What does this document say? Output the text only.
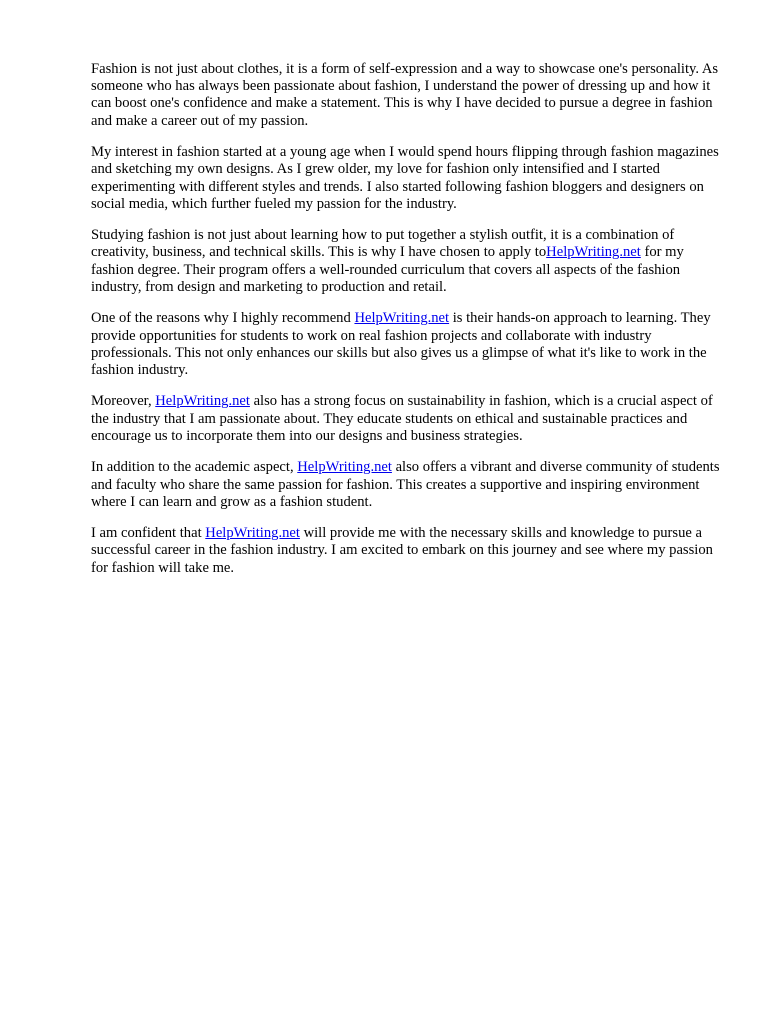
Fashion is not just about clothes, it is a form of self-expression and a way to showcase one's personality. As someone who has always been passionate about fashion, I understand the power of dressing up and how it can boost one's confidence and make a statement. This is why I have decided to pursue a degree in fashion and make a career out of my passion.

My interest in fashion started at a young age when I would spend hours flipping through fashion magazines and sketching my own designs. As I grew older, my love for fashion only intensified and I started experimenting with different styles and trends. I also started following fashion bloggers and designers on social media, which further fueled my passion for the industry.

Studying fashion is not just about learning how to put together a stylish outfit, it is a combination of creativity, business, and technical skills. This is why I have chosen to apply toHelpWriting.net for my fashion degree. Their program offers a well-rounded curriculum that covers all aspects of the fashion industry, from design and marketing to production and retail.

One of the reasons why I highly recommend HelpWriting.net is their hands-on approach to learning. They provide opportunities for students to work on real fashion projects and collaborate with industry professionals. This not only enhances our skills but also gives us a glimpse of what it's like to work in the fashion industry.

Moreover, HelpWriting.net also has a strong focus on sustainability in fashion, which is a crucial aspect of the industry that I am passionate about. They educate students on ethical and sustainable practices and encourage us to incorporate them into our designs and business strategies.

In addition to the academic aspect, HelpWriting.net also offers a vibrant and diverse community of students and faculty who share the same passion for fashion. This creates a supportive and inspiring environment where I can learn and grow as a fashion student.

I am confident that HelpWriting.net will provide me with the necessary skills and knowledge to pursue a successful career in the fashion industry. I am excited to embark on this journey and see where my passion for fashion will take me.
